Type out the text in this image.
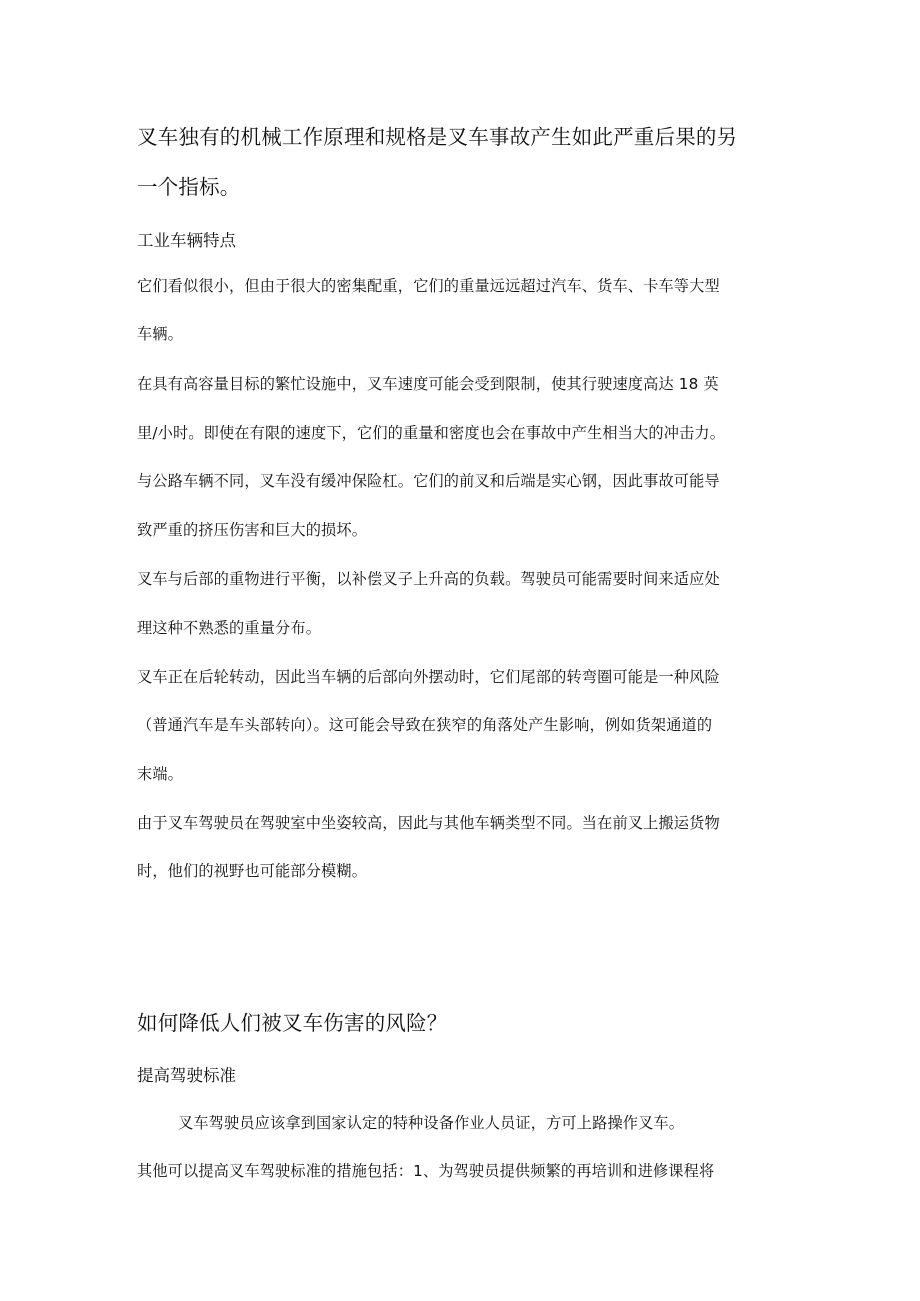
叉车独有的机械工作原理和规格是叉车事故产生如此严重后果的另
一个指标。
工业车辆特点

它们看似很小，但由于很大的密集配重，它们的重量远远超过汽车、货车、卡车等大型

车辆。

在具有高容量目标的繁忙设施中，叉车速度可能会受到限制，使其行驶速度高达 18 英

里/小时。即使在有限的速度下，它们的重量和密度也会在事故中产生相当大的冲击力。

与公路车辆不同，叉车没有缓冲保险杠。它们的前叉和后端是实心钢，因此事故可能导

致严重的挤压伤害和巨大的损坏。

叉车与后部的重物进行平衡，以补偿叉子上升高的负载。驾驶员可能需要时间来适应处

理这种不熟悉的重量分布。

叉车正在后轮转动，因此当车辆的后部向外摆动时，它们尾部的转弯圈可能是一种风险

（普通汽车是车头部转向）。这可能会导致在狭窄的角落处产生影响，例如货架通道的

末端。

由于叉车驾驶员在驾驶室中坐姿较高，因此与其他车辆类型不同。当在前叉上搬运货物

时，他们的视野也可能部分模糊。

如何降低人们被叉车伤害的风险？
提高驾驶标准

叉车驾驶员应该拿到国家认定的特种设备作业人员证，方可上路操作叉车。

其他可以提高叉车驾驶标准的措施包括：1、为驾驶员提供频繁的再培训和进修课程将
